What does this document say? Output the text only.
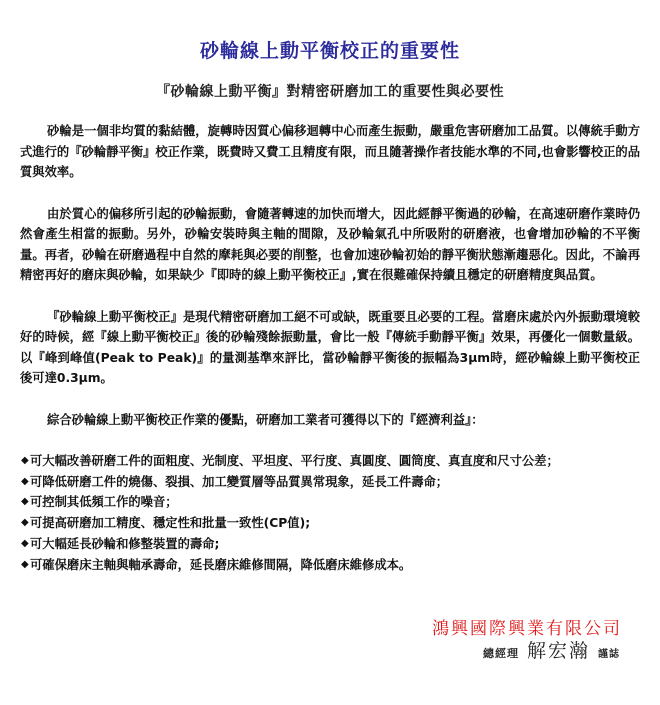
砂輪線上動平衡校正的重要性
『砂輪線上動平衡』對精密研磨加工的重要性與必要性

砂輪是一個非均質的黏結體，旋轉時因質心偏移迴轉中心而產生振動，嚴重危害研磨加工品質。以傳統手動方式進行的『砂輪靜平衡』校正作業，既費時又費工且精度有限，而且隨著操作者技能水準的不同,也會影響校正的品質與效率。

由於質心的偏移所引起的砂輪振動，會隨著轉速的加快而增大，因此經靜平衡過的砂輪，在高速研磨作業時仍然會產生相當的振動。另外，砂輪安裝時與主軸的間隙，及砂輪氣孔中所吸附的研磨液，也會增加砂輪的不平衡量。再者，砂輪在研磨過程中自然的摩耗與必要的削整，也會加速砂輪初始的靜平衡狀態漸趨惡化。因此，不論再精密再好的磨床與砂輪，如果缺少『即時的線上動平衡校正』,實在很難確保持續且穩定的研磨精度與品質。

『砂輪線上動平衡校正』是現代精密研磨加工絕不可或缺，既重要且必要的工程。當磨床處於內外振動環境較好的時候，經『線上動平衡校正』後的砂輪殘餘振動量，會比一般『傳統手動靜平衡』效果，再優化一個數量級。以『峰到峰值(Peak to Peak)』的量測基準來評比，當砂輪靜平衡後的振幅為3μm時，經砂輪線上動平衡校正後可達0.3μm。

綜合砂輪線上動平衡校正作業的優點，研磨加工業者可獲得以下的『經濟利益』：

◆ 可大幅改善研磨工件的面粗度、光制度、平坦度、平行度、真圓度、圓筒度、真直度和尺寸公差；
◆ 可降低研磨工件的燒傷、裂損、加工變質層等品質異常現象，延長工件壽命；
◆ 可控制其低頻工作的噪音；
◆ 可提高研磨加工精度、穩定性和批量一致性(CP值);
◆ 可大幅延長砂輪和修整裝置的壽命;
◆ 可確保磨床主軸與軸承壽命，延長磨床維修間隔，降低磨床維修成本。
鴻興國際興業有限公司
總經理 解宏瀚 謹誌
